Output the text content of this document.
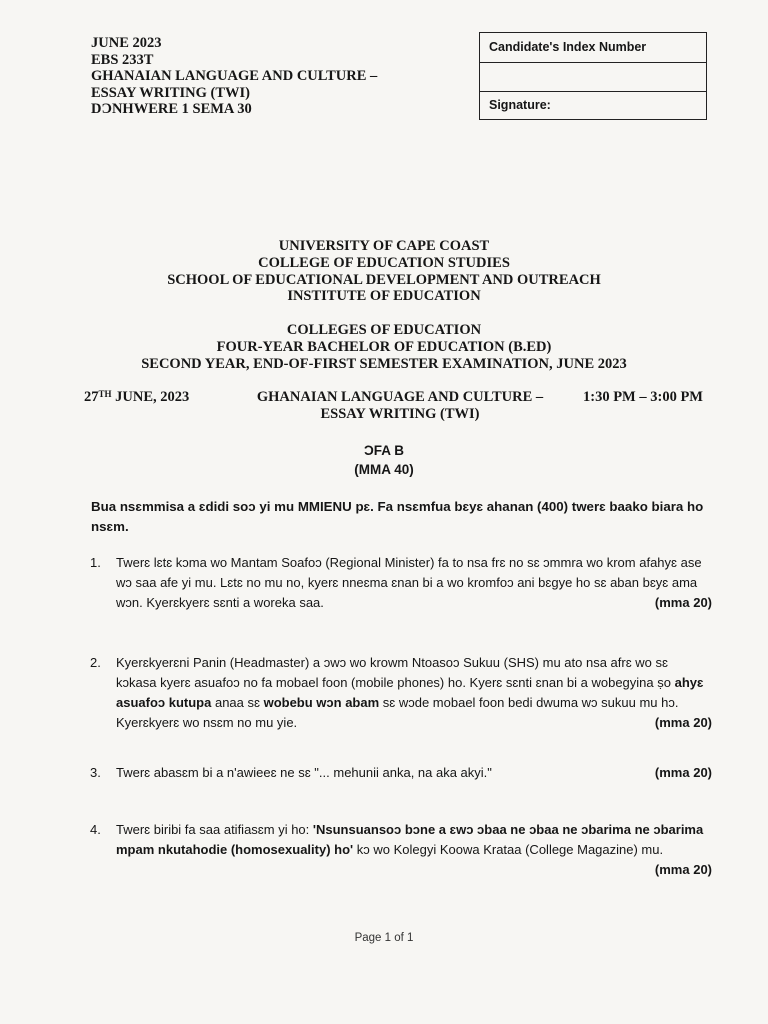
JUNE 2023
EBS 233T
GHANAIAN LANGUAGE AND CULTURE –
ESSAY WRITING (TWI)
DƆNHWERE 1 SEMA 30
Candidate's Index Number
Signature:
UNIVERSITY OF CAPE COAST
COLLEGE OF EDUCATION STUDIES
SCHOOL OF EDUCATIONAL DEVELOPMENT AND OUTREACH
INSTITUTE OF EDUCATION
COLLEGES OF EDUCATION
FOUR-YEAR BACHELOR OF EDUCATION (B.ED)
SECOND YEAR, END-OF-FIRST SEMESTER EXAMINATION, JUNE 2023
27TH JUNE, 2023	GHANAIAN LANGUAGE AND CULTURE –
ESSAY WRITING (TWI)
1:30 PM – 3:00 PM
ƆFA B
(MMA 40)
Bua nsɛmmisa a ɛdidi soɔ yi mu MMIENU pɛ. Fa nsɛmfua bɛyɛ ahanan (400) twerɛ baako biara ho nsɛm.
1. Twerɛ lɛtɛ kɔma wo Mantam Soafoɔ (Regional Minister) fa to nsa frɛ no sɛ ɔmmra wo krom afahyɛ ase wɔ saa afe yi mu. Lɛtɛ no mu no, kyerɛ nneɛma ɛnan bi a wo kromfoɔ ani bɛgye ho sɛ aban bɛyɛ ama wɔn. Kyerɛkyerɛ sɛnti a woreka saa.	(mma 20)
2. Kyerɛkyerɛni Panin (Headmaster) a ɔwɔ wo krowm Ntoasoɔ Sukuu (SHS) mu ato nsa afrɛ wo sɛ kɔkasa kyerɛ asuafoɔ no fa mobael foon (mobile phones) ho. Kyerɛ sɛnti ɛnan bi a wobegyina ṣo ahyɛ asuafoɔ kutupa anaa sɛ wobebu wɔn abam sɛ wɔde mobael foon bedi dwuma wɔ sukuu mu hɔ. Kyerɛkyerɛ wo nsɛm no mu yie.	(mma 20)
3. Twerɛ abasɛm bi a n'awieeɛ ne sɛ "... mehunii anka, na aka akyi."	(mma 20)
4. Twerɛ biribi fa saa atifiasɛm yi ho: 'Nsunsuansoɔ bɔne a ɛwɔ ɔbaa ne ɔbaa ne ɔbarima ne ɔbarima mpam nkutahodie (homosexuality) ho' kɔ wo Kolegyi Koowa Krataa (College Magazine) mu.
(mma 20)
Page 1 of 1
